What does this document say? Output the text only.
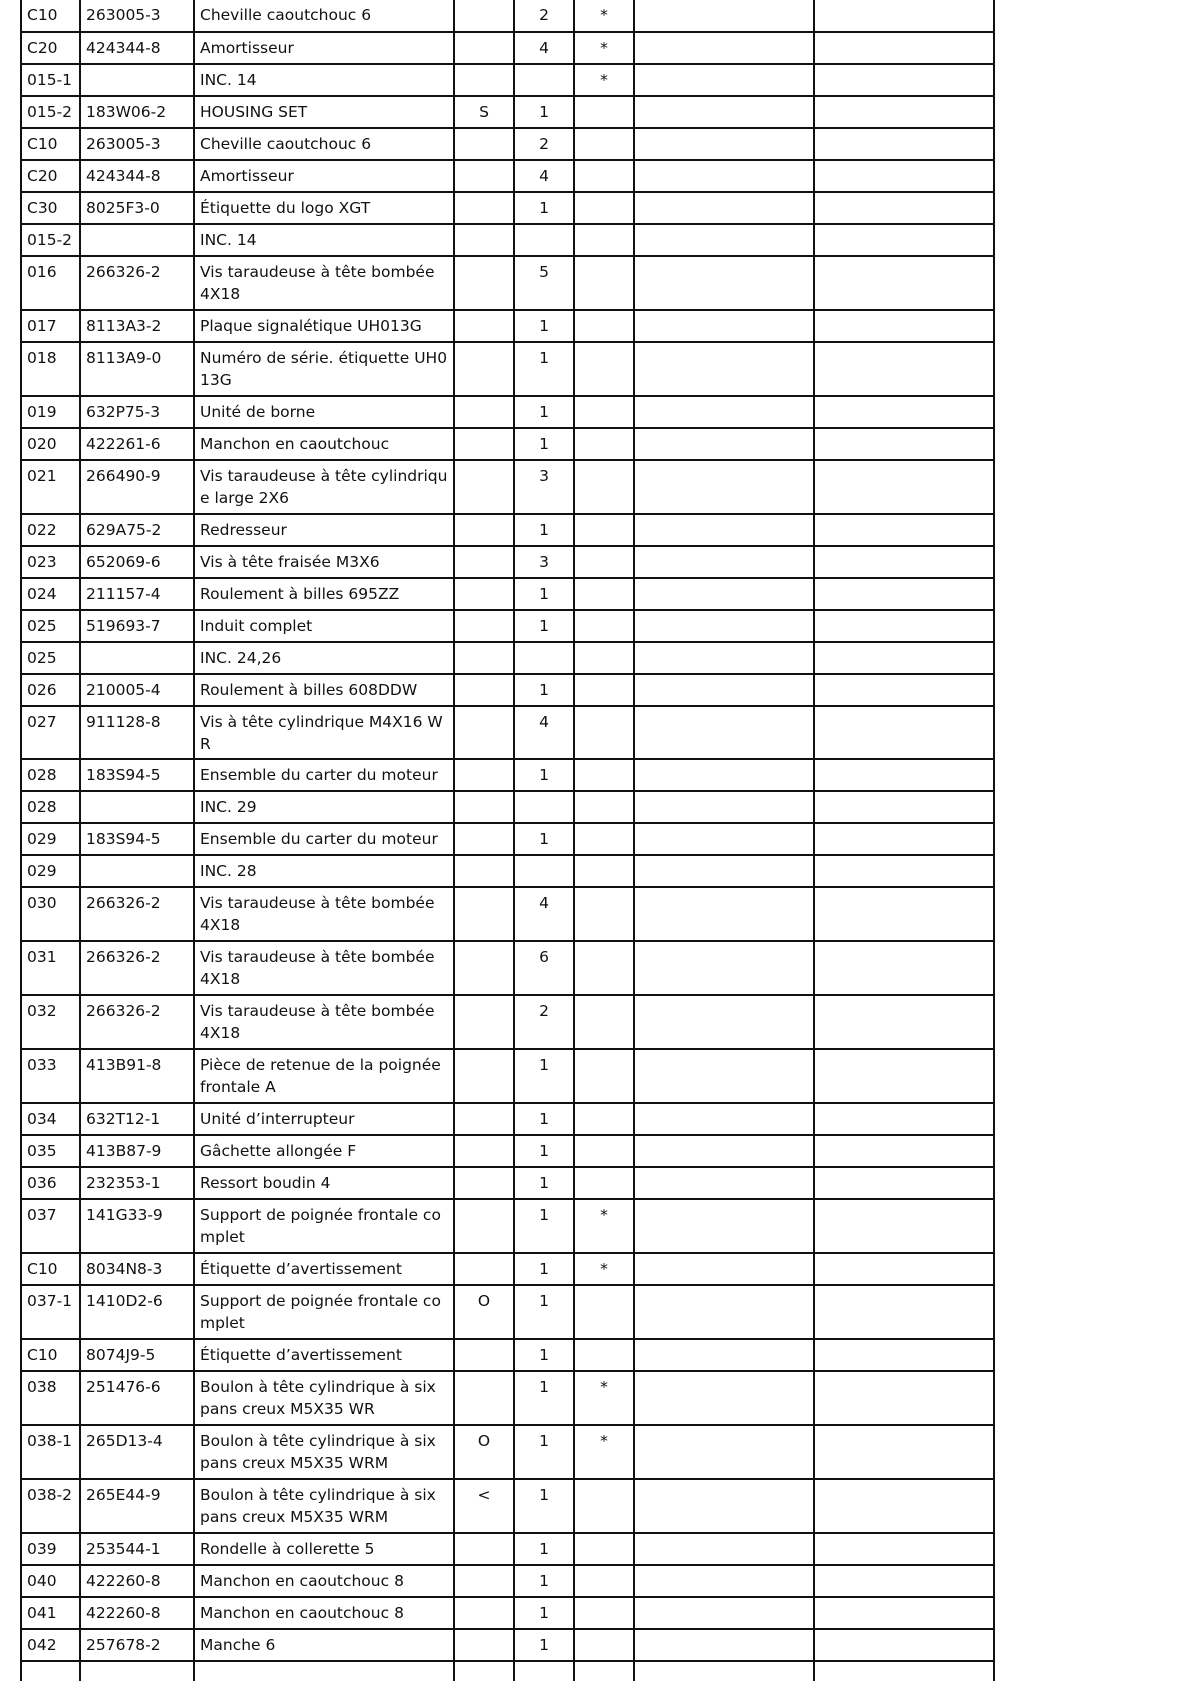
C10	263005-3	Cheville caoutchouc 6		2	*		
C20	424344-8	Amortisseur		4	*		
015-1		INC. 14			*		
015-2	183W06-2	HOUSING SET	S	1			
C10	263005-3	Cheville caoutchouc 6		2			
C20	424344-8	Amortisseur		4			
C30	8025F3-0	Étiquette du logo XGT		1			
015-2		INC. 14					
016	266326-2	Vis taraudeuse à tête bombée 4X18		5			
017	8113A3-2	Plaque signalétique UH013G		1			
018	8113A9-0	Numéro de série. étiquette UH013G		1			
019	632P75-3	Unité de borne		1			
020	422261-6	Manchon en caoutchouc		1			
021	266490-9	Vis taraudeuse à tête cylindrique large 2X6		3			
022	629A75-2	Redresseur		1			
023	652069-6	Vis à tête fraisée M3X6		3			
024	211157-4	Roulement à billes 695ZZ		1			
025	519693-7	Induit complet		1			
025		INC. 24,26					
026	210005-4	Roulement à billes 608DDW		1			
027	911128-8	Vis à tête cylindrique M4X16 WR		4			
028	183S94-5	Ensemble du carter du moteur		1			
028		INC. 29					
029	183S94-5	Ensemble du carter du moteur		1			
029		INC. 28					
030	266326-2	Vis taraudeuse à tête bombée 4X18		4			
031	266326-2	Vis taraudeuse à tête bombée 4X18		6			
032	266326-2	Vis taraudeuse à tête bombée 4X18		2			
033	413B91-8	Pièce de retenue de la poignée frontale A		1			
034	632T12-1	Unité d’interrupteur		1			
035	413B87-9	Gâchette allongée F		1			
036	232353-1	Ressort boudin 4		1			
037	141G33-9	Support de poignée frontale complet		1	*		
C10	8034N8-3	Étiquette d’avertissement		1	*		
037-1	1410D2-6	Support de poignée frontale complet	O	1			
C10	8074J9-5	Étiquette d’avertissement		1			
038	251476-6	Boulon à tête cylindrique à six pans creux M5X35 WR		1	*		
038-1	265D13-4	Boulon à tête cylindrique à six pans creux M5X35 WRM	O	1	*		
038-2	265E44-9	Boulon à tête cylindrique à six pans creux M5X35 WRM	<	1			
039	253544-1	Rondelle à collerette 5		1			
040	422260-8	Manchon en caoutchouc 8		1			
041	422260-8	Manchon en caoutchouc 8		1			
042	257678-2	Manche 6		1			
